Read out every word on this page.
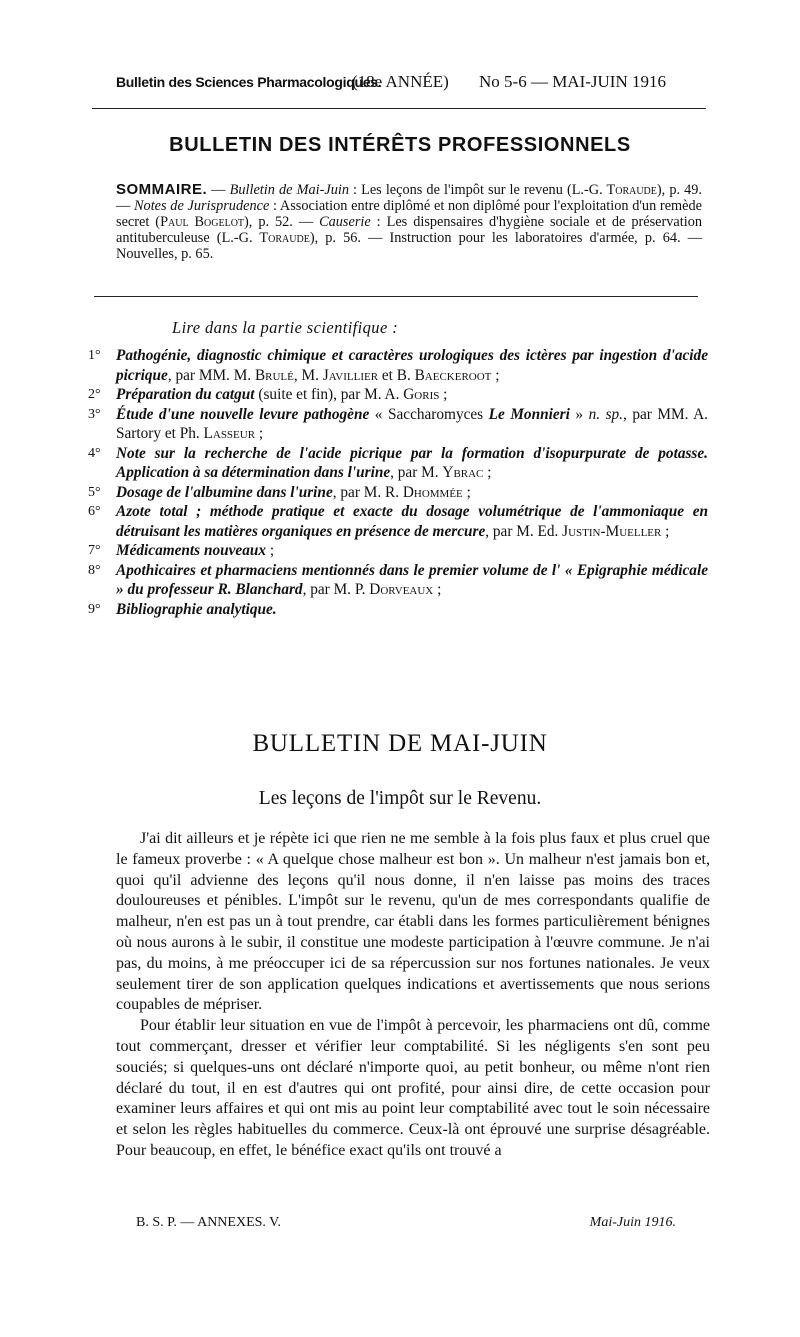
Bulletin des Sciences Pharmacologiques.
(18e ANNÉE) No 5-6 — MAI-JUIN 1916
BULLETIN DES INTÉRÊTS PROFESSIONNELS
SOMMAIRE. — Bulletin de Mai-Juin : Les leçons de l'impôt sur le revenu (L.-G. Toraude), p. 49. — Notes de Jurisprudence : Association entre diplômé et non diplômé pour l'exploitation d'un remède secret (Paul Bogelot), p. 52. — Causerie : Les dispensaires d'hygiène sociale et de préservation antituberculeuse (L.-G. Toraude), p. 56. — Instruction pour les laboratoires d'armée, p. 64. — Nouvelles, p. 65.
Lire dans la partie scientifique :
1° Pathogénie, diagnostic chimique et caractères urologiques des ictères par ingestion d'acide picrique, par MM. M. Brulé, M. Javillier et B. Baeckeroot ;
2° Préparation du catgut (suite et fin), par M. A. Goris ;
3° Étude d'une nouvelle levure pathogène « Saccharomyces Le Monnieri » n. sp., par MM. A. Sartory et Ph. Lasseur ;
4° Note sur la recherche de l'acide picrique par la formation d'isopurpurate de potasse. Application à sa détermination dans l'urine, par M. Ybrac ;
5° Dosage de l'albumine dans l'urine, par M. R. Dhommée ;
6° Azote total ; méthode pratique et exacte du dosage volumétrique de l'ammoniaque en détruisant les matières organiques en présence de mercure, par M. Ed. Justin-Mueller ;
7° Médicaments nouveaux ;
8° Apothicaires et pharmaciens mentionnés dans le premier volume de l' « Epigraphie médicale » du professeur R. Blanchard, par M. P. Dorveaux ;
9° Bibliographie analytique.
BULLETIN DE MAI-JUIN
Les leçons de l'impôt sur le Revenu.

J'ai dit ailleurs et je répète ici que rien ne me semble à la fois plus faux et plus cruel que le fameux proverbe : « A quelque chose malheur est bon ». Un malheur n'est jamais bon et, quoi qu'il advienne des leçons qu'il nous donne, il n'en laisse pas moins des traces douloureuses et pénibles. L'impôt sur le revenu, qu'un de mes correspondants qualifie de malheur, n'en est pas un à tout prendre, car établi dans les formes particulièrement bénignes où nous aurons à le subir, il constitue une modeste participation à l'œuvre commune. Je n'ai pas, du moins, à me préoccuper ici de sa répercussion sur nos fortunes nationales. Je veux seulement tirer de son application quelques indications et avertissements que nous serions coupables de mépriser.

Pour établir leur situation en vue de l'impôt à percevoir, les pharmaciens ont dû, comme tout commerçant, dresser et vérifier leur comptabilité. Si les négligents s'en sont peu souciés; si quelques-uns ont déclaré n'importe quoi, au petit bonheur, ou même n'ont rien déclaré du tout, il en est d'autres qui ont profité, pour ainsi dire, de cette occasion pour examiner leurs affaires et qui ont mis au point leur comptabilité avec tout le soin nécessaire et selon les règles habituelles du commerce. Ceux-là ont éprouvé une surprise désagréable. Pour beaucoup, en effet, le bénéfice exact qu'ils ont trouvé a

B. S. P. — ANNEXES. V.	Mai-Juin 1916.
